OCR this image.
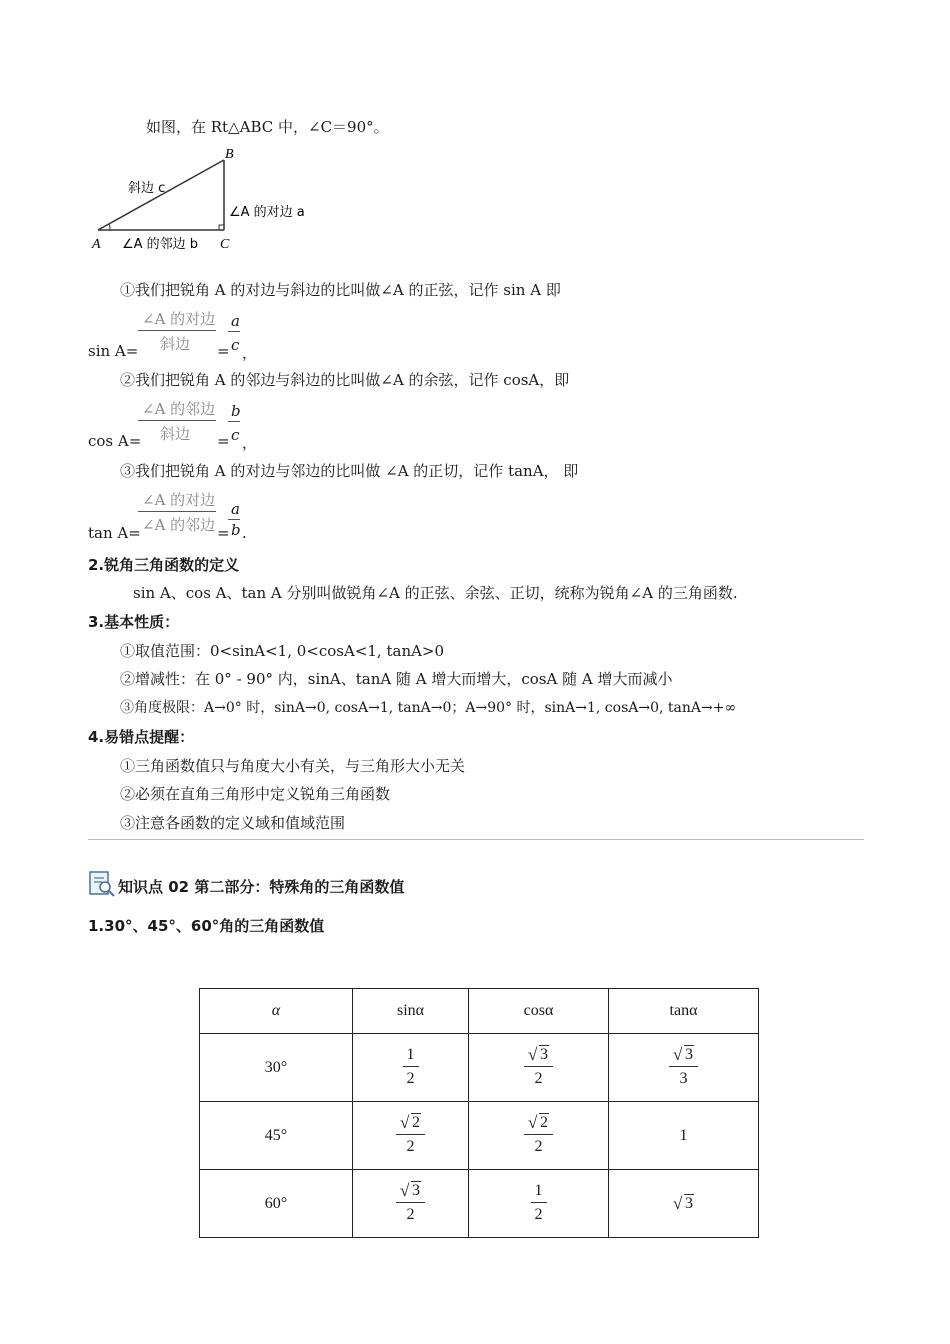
如图，在 Rt△ABC 中，∠C＝90°。
B
A	C
斜边 c
∠A 的对边 a
∠A 的邻边 b
①我们把锐角 A 的对边与斜边的比叫做∠A 的正弦，记作 sin A 即
∠A 的对边
斜边
sin A=	=
a
c ，
②我们把锐角 A 的邻边与斜边的比叫做∠A 的余弦，记作 cosA，即
∠A 的邻边
斜边
cos A=	=
b
c ，
③我们把锐角 A 的对边与邻边的比叫做 ∠A 的正切，记作 tanA， 即
∠A 的对边
∠A 的邻边
tan A=	=
a
b .
2.锐角三角函数的定义
sin A、cos A、tan A 分别叫做锐角∠A 的正弦、余弦、正切，统称为锐角∠A 的三角函数.
3.基本性质：
①取值范围：0<sinA<1, 0<cosA<1, tanA>0
②增减性：在 0° - 90° 内，sinA、tanA 随 A 增大而增大，cosA 随 A 增大而减小
③角度极限：A→0° 时，sinA→0, cosA→1, tanA→0；A→90° 时，sinA→1, cosA→0, tanA→+∞
4.易错点提醒：
①三角函数值只与角度大小有关，与三角形大小无关
②必须在直角三角形中定义锐角三角函数
③注意各函数的定义域和值域范围
知识点 02 第二部分：特殊角的三角函数值
1.30°、45°、60°角的三角函数值
α	sinα	cosα	tanα
30°	$\frac{1}{2}$	√ $\frac{3}{2}$	√ $\frac{3}{3}$

45°	√ $\frac{2}{2}$	√ $\frac{2}{2}$	1
60°	√ $\frac{3}{2}$	$\frac{1}{2}$	√ 3
